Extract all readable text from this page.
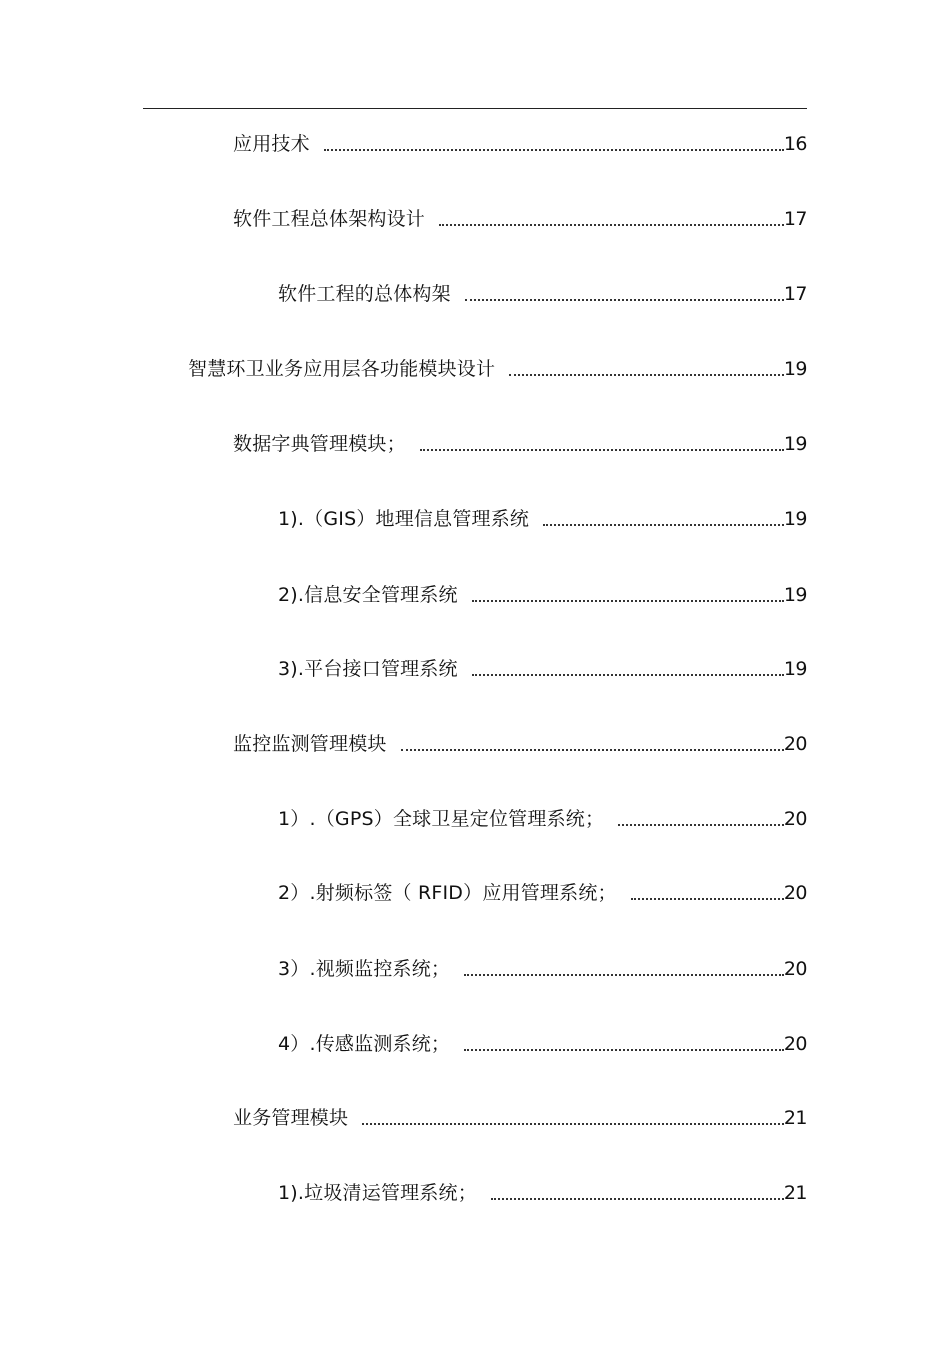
应用技术	16
软件工程总体架构设计	17
软件工程的总体构架	17
智慧环卫业务应用层各功能模块设计	19
数据字典管理模块；	19
1).（GIS）地理信息管理系统	19
2).信息安全管理系统	19
3).平台接口管理系统	19
监控监测管理模块	20
1）.（GPS）全球卫星定位管理系统；	20
2）.射频标签（ RFID）应用管理系统；	20
3）.视频监控系统；	20
4）.传感监测系统；	20
业务管理模块	21
1).垃圾清运管理系统；	21
